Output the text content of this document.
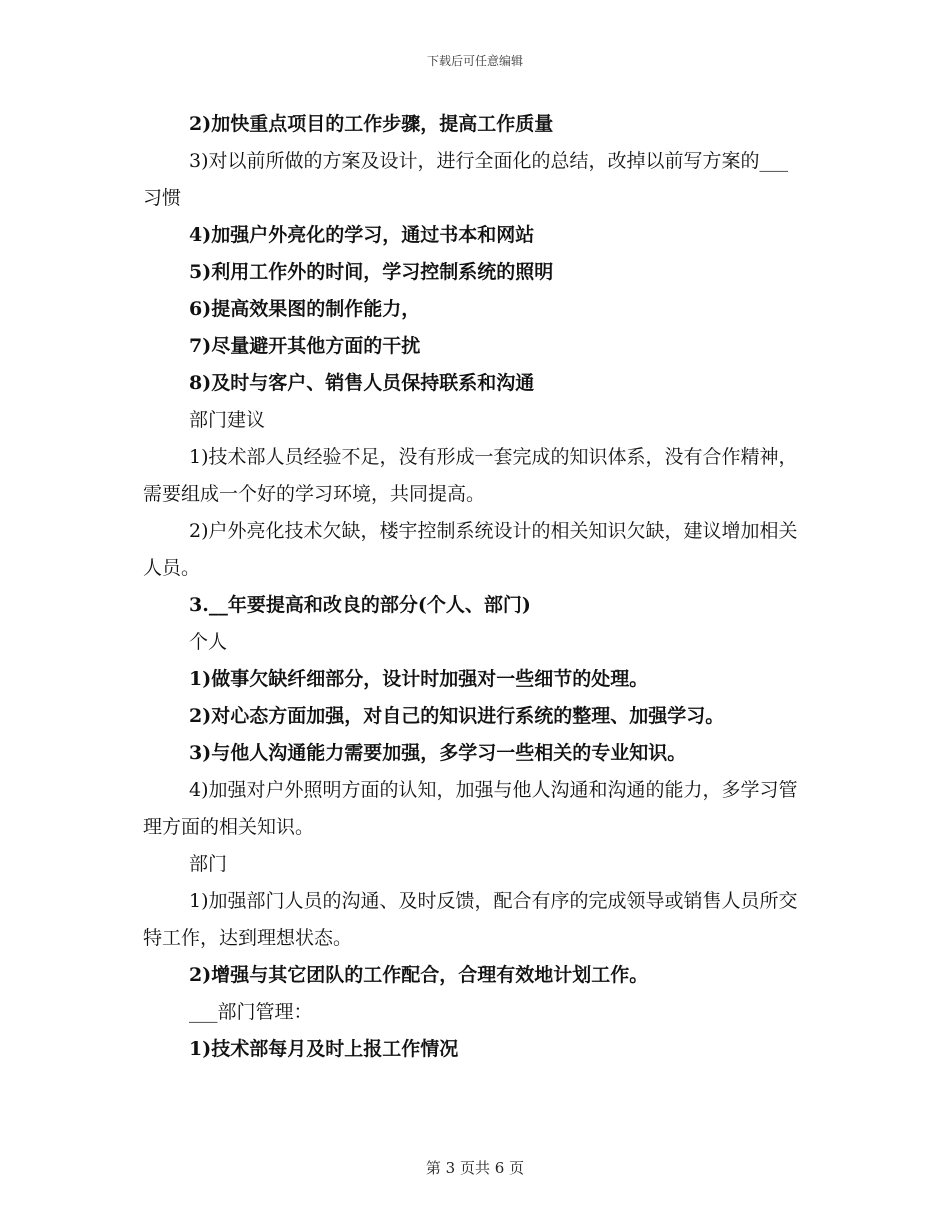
下载后可任意编辑

2)加快重点项目的工作步骤，提高工作质量

3)对以前所做的方案及设计，进行全面化的总结，改掉以前写方案的___习惯

4)加强户外亮化的学习，通过书本和网站

5)利用工作外的时间，学习控制系统的照明

6)提高效果图的制作能力，

7)尽量避开其他方面的干扰

8)及时与客户、销售人员保持联系和沟通

部门建议

1)技术部人员经验不足，没有形成一套完成的知识体系，没有合作精神，需要组成一个好的学习环境，共同提高。

2)户外亮化技术欠缺，楼宇控制系统设计的相关知识欠缺，建议增加相关人员。

3.__年要提高和改良的部分(个人、部门)

个人

1)做事欠缺纤细部分，设计时加强对一些细节的处理。

2)对心态方面加强，对自己的知识进行系统的整理、加强学习。

3)与他人沟通能力需要加强，多学习一些相关的专业知识。

4)加强对户外照明方面的认知，加强与他人沟通和沟通的能力，多学习管理方面的相关知识。

部门

1)加强部门人员的沟通、及时反馈，配合有序的完成领导或销售人员所交特工作，达到理想状态。

2)增强与其它团队的工作配合，合理有效地计划工作。

___部门管理：

1)技术部每月及时上报工作情况

第 3 页共 6 页
